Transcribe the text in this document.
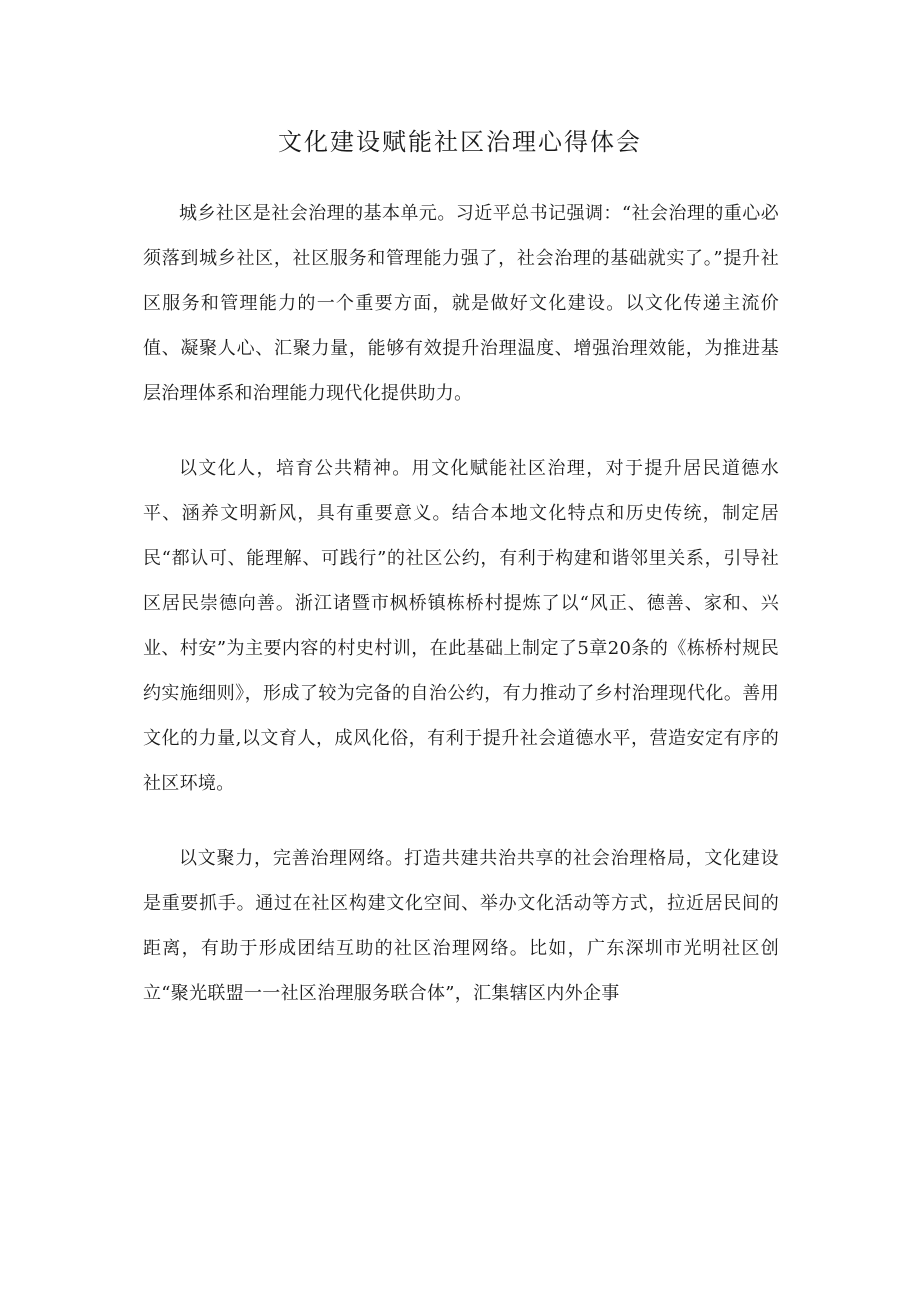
文化建设赋能社区治理心得体会

城乡社区是社会治理的基本单元。习近平总书记强调：“社会治理的重心必须落到城乡社区，社区服务和管理能力强了，社会治理的基础就实了。”提升社区服务和管理能力的一个重要方面，就是做好文化建设。以文化传递主流价值、凝聚人心、汇聚力量，能够有效提升治理温度、增强治理效能，为推进基层治理体系和治理能力现代化提供助力。

以文化人，培育公共精神。用文化赋能社区治理，对于提升居民道德水平、涵养文明新风，具有重要意义。结合本地文化特点和历史传统，制定居民“都认可、能理解、可践行”的社区公约，有利于构建和谐邻里关系，引导社区居民崇德向善。浙江诸暨市枫桥镇栋桥村提炼了以“风正、德善、家和、兴业、村安”为主要内容的村史村训，在此基础上制定了5章20条的《栋桥村规民约实施细则》，形成了较为完备的自治公约，有力推动了乡村治理现代化。善用文化的力量,以文育人，成风化俗，有利于提升社会道德水平，营造安定有序的社区环境。

以文聚力，完善治理网络。打造共建共治共享的社会治理格局，文化建设是重要抓手。通过在社区构建文化空间、举办文化活动等方式，拉近居民间的距离，有助于形成团结互助的社区治理网络。比如，广东深圳市光明社区创立“聚光联盟一一社区治理服务联合体”，汇集辖区内外企事
